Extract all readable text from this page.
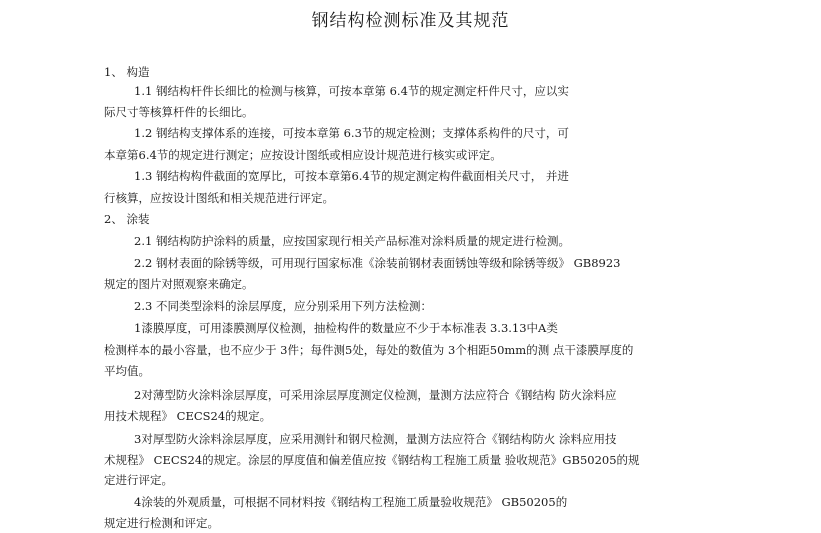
钢结构检测标准及其规范
1、 构造
1.1 钢结构杆件长细比的检测与核算，可按本章第 6.4节的规定测定杆件尺寸，应以实
际尺寸等核算杆件的长细比。
1.2 钢结构支撑体系的连接，可按本章第 6.3节的规定检测；支撑体系构件的尺寸，可
本章第6.4节的规定进行测定；应按设计图纸或相应设计规范进行核实或评定。
1.3 钢结构构件截面的宽厚比，可按本章第6.4节的规定测定构件截面相关尺寸， 并进
行核算，应按设计图纸和相关规范进行评定。
2、 涂装
2.1 钢结构防护涂料的质量，应按国家现行相关产品标准对涂料质量的规定进行检测。
2.2 钢材表面的除锈等级，可用现行国家标准《涂装前钢材表面锈蚀等级和除锈等级》 GB8923
规定的图片对照观察来确定。
2.3 不同类型涂料的涂层厚度，应分别采用下列方法检测：
1漆膜厚度，可用漆膜测厚仪检测，抽检构件的数量应不少于本标准表 3.3.13中A类
检测样本的最小容量，也不应少于 3件；每件测5处，每处的数值为 3个相距50mm的测 点干漆膜厚度的
平均值。
2对薄型防火涂料涂层厚度，可采用涂层厚度测定仪检测，量测方法应符合《钢结构 防火涂料应
用技术规程》 CECS24的规定。
3对厚型防火涂料涂层厚度，应采用测针和钢尺检测，量测方法应符合《钢结构防火 涂料应用技
术规程》 CECS24的规定。涂层的厚度值和偏差值应按《钢结构工程施工质量 验收规范》GB50205的规
定进行评定。
4涂装的外观质量，可根据不同材料按《钢结构工程施工质量验收规范》 GB50205的
规定进行检测和评定。
